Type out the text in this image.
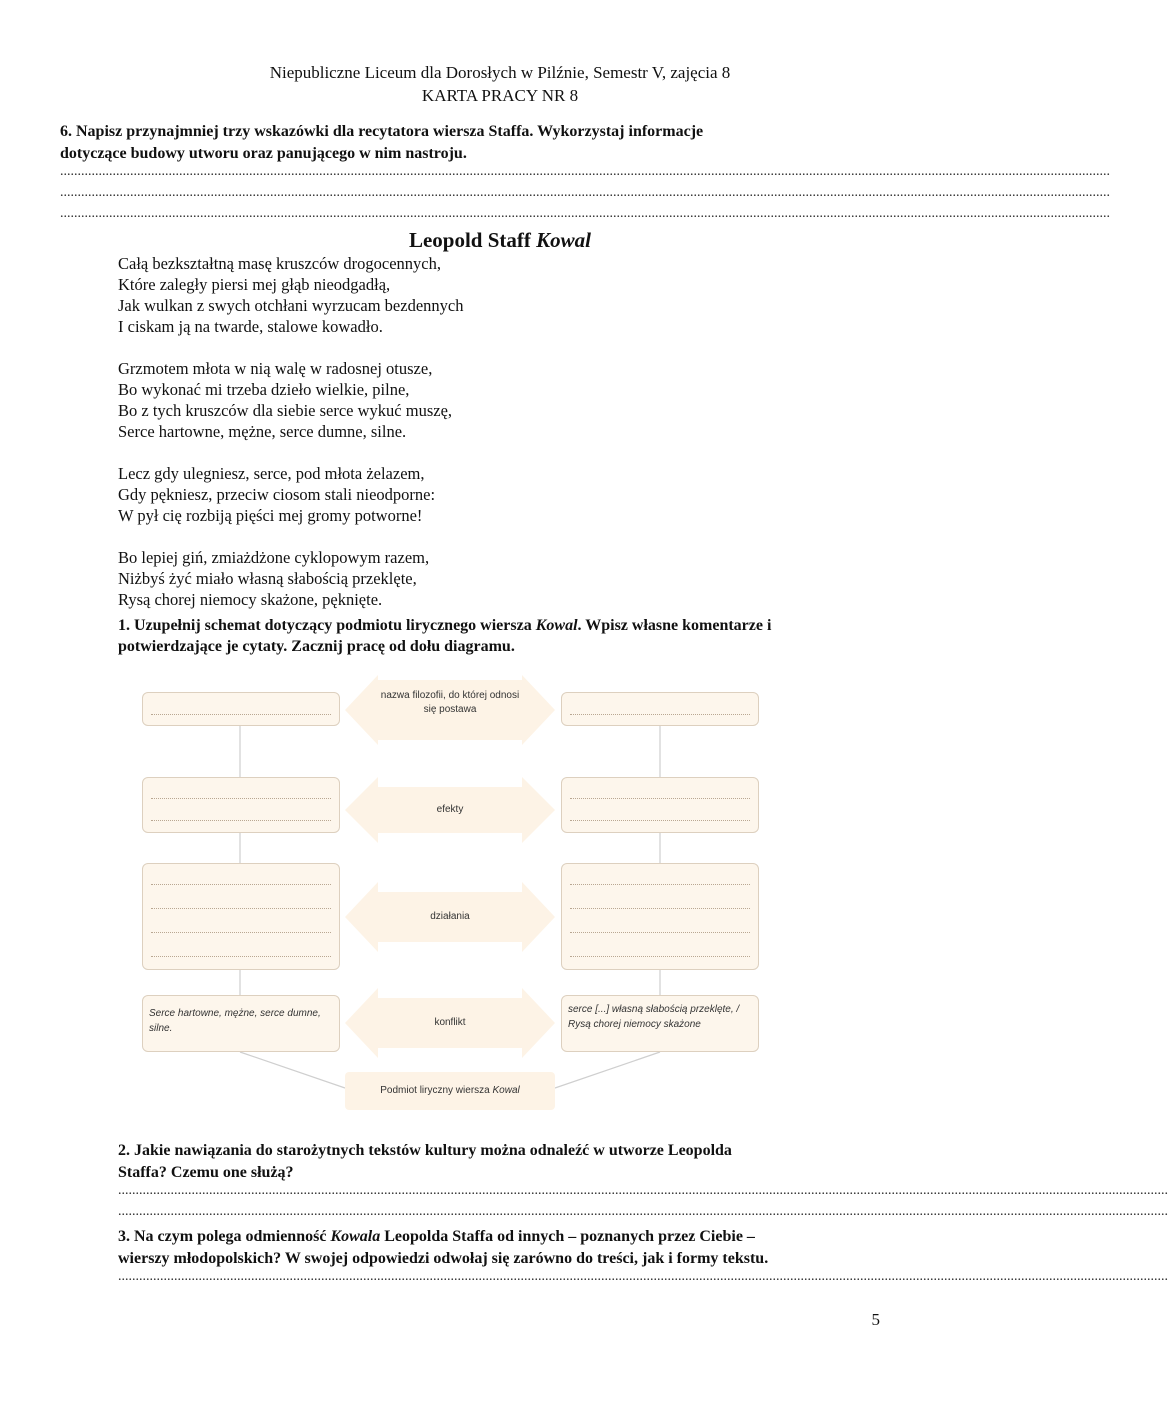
Niepubliczne Liceum dla Dorosłych w Pilźnie, Semestr V, zajęcia 8
KARTA PRACY NR 8
6. Napisz przynajmniej trzy wskazówki dla recytatora wiersza Staffa. Wykorzystaj informacje
dotyczące budowy utworu oraz panującego w nim nastroju.
............................................................................................................................................................................................................................................................................................................
............................................................................................................................................................................................................................................................................................................
............................................................................................................................................................................................................................................................................................................
Leopold Staff Kowal
Całą bezkształtną masę kruszców drogocennych,
Które zaległy piersi mej głąb nieodgadłą,
Jak wulkan z swych otchłani wyrzucam bezdennych
I ciskam ją na twarde, stalowe kowadło.
Grzmotem młota w nią walę w radosnej otusze,
Bo wykonać mi trzeba dzieło wielkie, pilne,
Bo z tych kruszców dla siebie serce wykuć muszę,
Serce hartowne, mężne, serce dumne, silne.
Lecz gdy ulegniesz, serce, pod młota żelazem,
Gdy pękniesz, przeciw ciosom stali nieodporne:
W pył cię rozbiją pięści mej gromy potworne!
Bo lepiej giń, zmiażdżone cyklopowym razem,
Niżbyś żyć miało własną słabością przeklęte,
Rysą chorej niemocy skażone, pęknięte.
1. Uzupełnij schemat dotyczący podmiotu lirycznego wiersza Kowal. Wpisz własne komentarze i
potwierdzające je cytaty. Zacznij pracę od dołu diagramu.
Serce hartowne, mężne, serce dumne, silne.
serce [...] własną słabością przeklęte, / Rysą chorej niemocy skażone
nazwa filozofii, do której odnosi się postawa
efekty
działania
konflikt
Podmiot liryczny wiersza Kowal
2. Jakie nawiązania do starożytnych tekstów kultury można odnaleźć w utworze Leopolda
Staffa? Czemu one służą?
............................................................................................................................................................................................................................................................................................................
............................................................................................................................................................................................................................................................................................................
3. Na czym polega odmienność Kowala Leopolda Staffa od innych – poznanych przez Ciebie –
wierszy młodopolskich? W swojej odpowiedzi odwołaj się zarówno do treści, jak i formy tekstu.
............................................................................................................................................................................................................................................................................................................
5
